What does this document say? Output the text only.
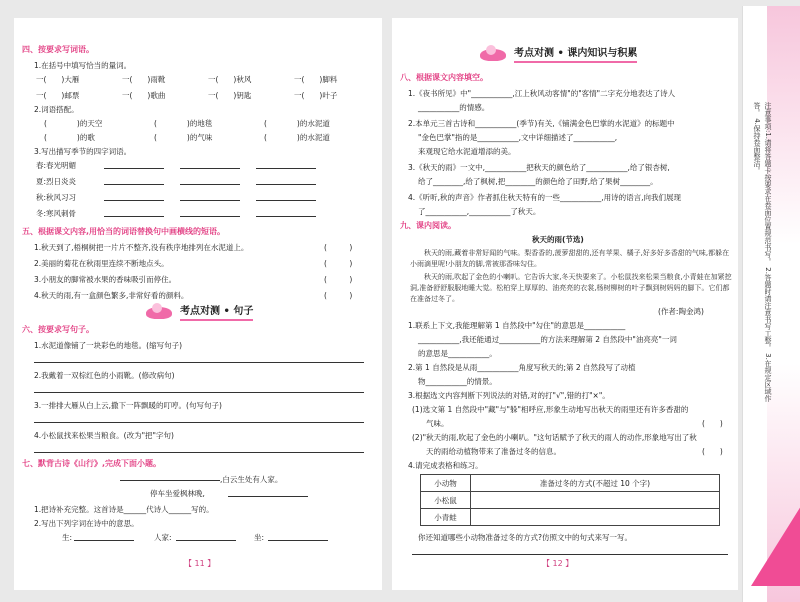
四、按要求写词语。
1.在括号中填写恰当的量词。
一(　　)大雁	一(　　)雨靴	一(　　)秋风	一(　　)脚料
一(　　)邮票	一(　　)歌曲	一(　　)钥匙	一(　　)叶子
2.词语搭配。
(　　　　)的天空	(　　　　)的地毯	(　　　　)的水泥道
(　　　　)的歌	(　　　　)的气味	(　　　　)的水泥道
3.写出描写季节的四字词语。
春:春光明媚
夏:烈日炎炎
秋:秋风习习
冬:寒风刺骨
五、根据课文内容,用恰当的词语替换句中画横线的短语。
1.秋天到了,梧桐树把一片片不整齐,没有秩序地排列在水泥道上。	(　　　)
2.美丽的菊花在秋雨里连续不断地点头。	(　　　)
3.小朋友的脚常被水果的香味吸引而停住。	(　　　)
4.秋天的雨,有一盒颜色繁多,非常好看的颜料。	(　　　)
考点对测 • 句子
六、按要求写句子。
1.水泥道像铺了一块彩色的地毯。(缩写句子)
2.我戴着一双棕红色的小雨靴。(修改病句)
3.一排排大雁从白上云,撒下一阵飘暖的叮哼。(句写句子)
4.小松鼠找来松果当粮食。(改为"把"字句)
七、默背古诗《山行》,完成下面小题。
,白云生处有人家。
停车坐爱枫林晚,
1.把诗补充完整。这首诗是______代诗人______写的。
2.写出下列字词在诗中的意思。
生:	人家:	坐:
【 11 】
考点对测 • 课内知识与积累
八、根据课文内容填空。
1.《夜书所见》中"___________,江上秋风动客情"的"客情"二字充分地表达了诗人
___________的情感。
2.本单元三首古诗和___________(季节)有关,《铺满金色巴掌的水泥道》的标题中
"金色巴掌"指的是___________,文中详细描述了___________,
来观现它给水泥道增添的美。
3.《秋天的雨》一文中,___________把秋天的颜色给了___________,给了银杏树,
给了________,给了枫树,把________的颜色给了田野,给了果树________。
4.《听听,秋的声音》作者抓住秋天特有的一些___________,用诗的语言,向我们展现
了___________,___________了秋天。
九、课内阅读。
秋天的雨(节选)
秋天的雨,藏着非常好闻的气味。梨香香的,菠萝甜甜的,还有苹果、橘子,好多好多香甜的气味,都躲在小雨滴里呢!小朋友的脚,常被那香味勾住。
秋天的雨,吹起了金色的小喇叭。它告诉大家,冬天快要来了。小松鼠找来松果当粮食,小青蛙在加紧挖洞,准备舒舒服服地睡大觉。松柏穿上厚厚的、油亮亮的衣裳,杨树柳树的叶子飘到树妈妈的脚下。它们都在准备过冬了。
(作者:陶金鸿)
1.联系上下文,我能理解第 1 自然段中"勾住"的意思是___________
___________,我还能通过___________的方法来理解第 2 自然段中"油亮亮"一词
的意思是___________。
2.第 1 自然段是从雨___________角度写秋天的;第 2 自然段写了动植
物___________的情景。
3.根据选文内容判断下列说法的对错,对的打"√",错的打"×"。
(1)选文第 1 自然段中"藏"与"躲"相呼应,形象生动地写出秋天的雨里还有许多香甜的
气味。	(　　)
(2)"秋天的雨,吹起了金色的小喇叭。"这句话赋予了秋天的雨人的动作,形象地写出了秋
天的雨给动植物带来了准备过冬的信息。	(　　)
4.请完成表格和练习。
小动物	准备过冬的方式(不超过 10 个字)
小松鼠	
小青蛙	
你还知道哪些小动物准备过冬的方式?仿照文中的句式来写一写。
【 12 】
注意事项:1.请将答题卡按要求在卷面位置规范书写。 2.答题时请注意书写工整。 3.在规定区域作答。 4.保持卷面整洁。
